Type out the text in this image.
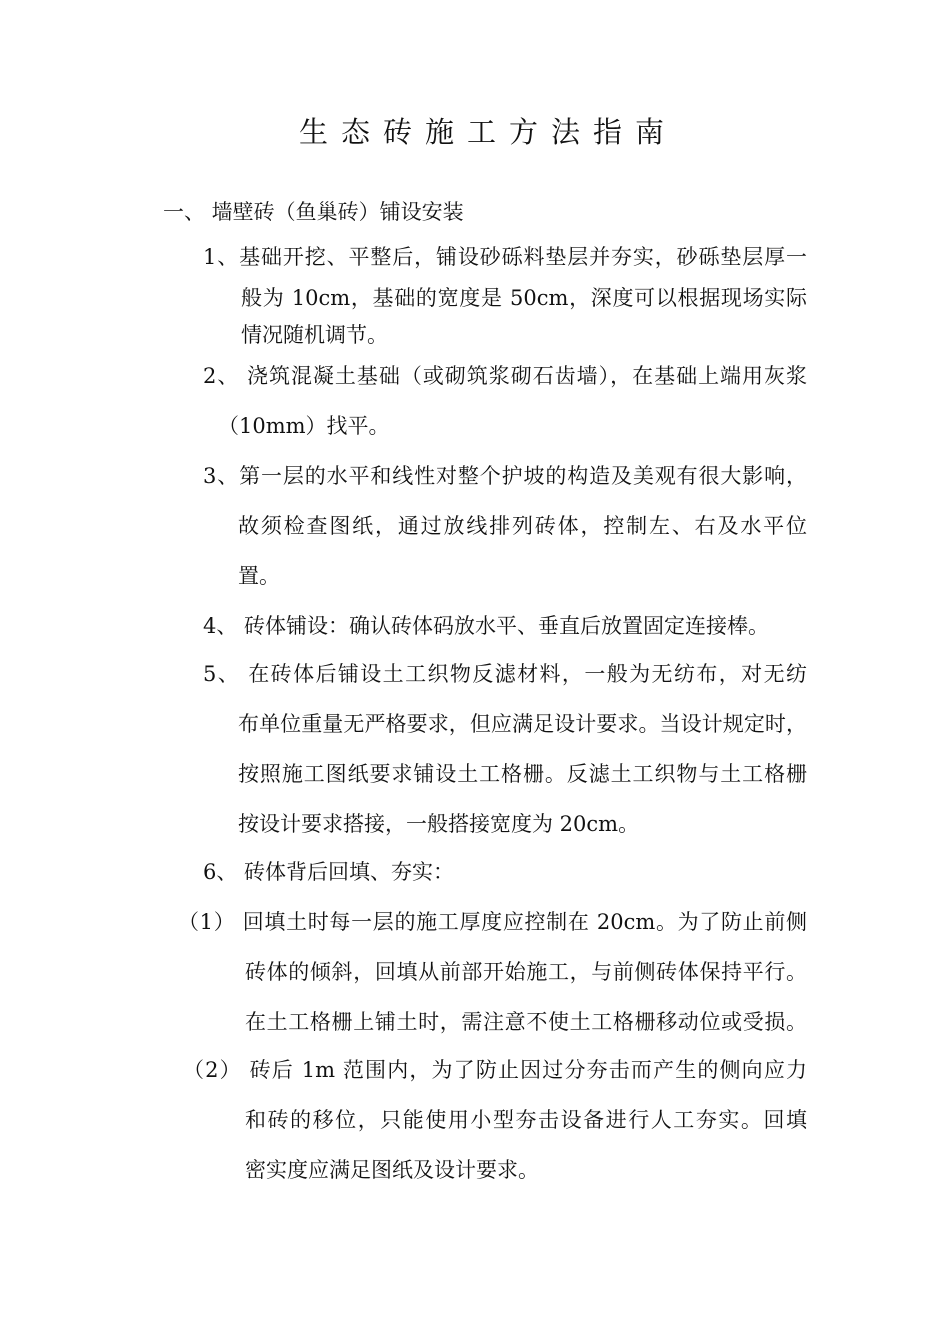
生态砖施工方法指南
一、 墙壁砖（鱼巢砖）铺设安装
1、基础开挖、平整后，铺设砂砾料垫层并夯实，砂砾垫层厚一
般为 10cm，基础的宽度是 50cm，深度可以根据现场实际
情况随机调节。
2、 浇筑混凝土基础（或砌筑浆砌石齿墙），在基础上端用灰浆
（10mm）找平。
3、第一层的水平和线性对整个护坡的构造及美观有很大影响，
故须检查图纸，通过放线排列砖体，控制左、右及水平位
置。
4、 砖体铺设：确认砖体码放水平、垂直后放置固定连接棒。
5、 在砖体后铺设土工织物反滤材料，一般为无纺布，对无纺
布单位重量无严格要求，但应满足设计要求。当设计规定时，
按照施工图纸要求铺设土工格栅。反滤土工织物与土工格栅
按设计要求搭接，一般搭接宽度为 20cm。
6、 砖体背后回填、夯实：
（1） 回填土时每一层的施工厚度应控制在 20cm。为了防止前侧
砖体的倾斜，回填从前部开始施工，与前侧砖体保持平行。
在土工格栅上铺土时，需注意不使土工格栅移动位或受损。
（2） 砖后 1m 范围内，为了防止因过分夯击而产生的侧向应力
和砖的移位，只能使用小型夯击设备进行人工夯实。回填
密实度应满足图纸及设计要求。
